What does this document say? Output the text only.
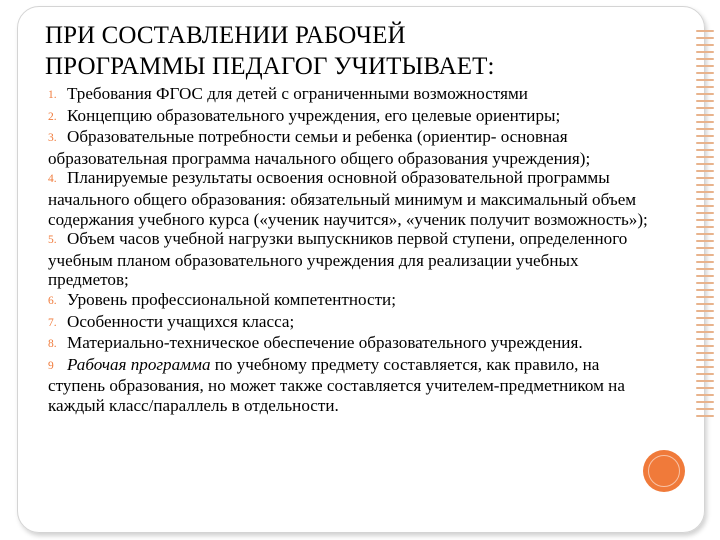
ПРИ СОСТАВЛЕНИИ РАБОЧЕЙ
ПРОГРАММЫ ПЕДАГОГ УЧИТЫВАЕТ:
1. Требования ФГОС для детей с ограниченными возможностями
2. Концепцию образовательного учреждения, его целевые ориентиры;
3. Образовательные потребности семьи и ребенка (ориентир- основная образовательная программа начального общего образования учреждения);
4. Планируемые результаты освоения основной образовательной программы начального общего образования: обязательный минимум и максимальный объем содержания учебного курса («ученик научится», «ученик получит возможность»);
5. Объем часов учебной нагрузки выпускников первой ступени, определенного учебным планом образовательного учреждения для реализации учебных предметов;
6. Уровень профессиональной компетентности;
7. Особенности учащихся класса;
8. Материально-техническое обеспечение образовательного учреждения.
9 Рабочая программа по учебному предмету составляется, как правило, на ступень образования, но может также составляется учителем-предметником на каждый класс/параллель в отдельности.
